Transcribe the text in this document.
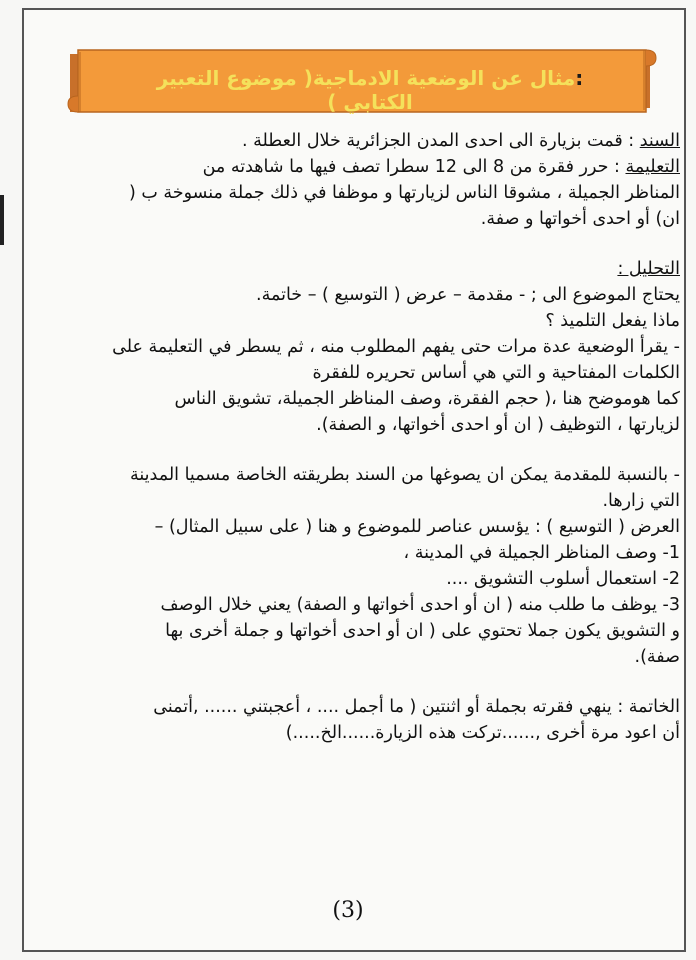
:مثال عن الوضعية الادماجية( موضوع التعبير الكتابي )

السند : قمت بزيارة الى احدى المدن الجزائرية خلال العطلة .

التعليمة : حرر فقرة من 8 الى 12 سطرا تصف فيها ما شاهدته من

المناظر الجميلة ، مشوقا الناس لزيارتها و موظفا في ذلك جملة منسوخة ب (

ان) أو احدى أخواتها و صفة.

التحليل :

يحتاج الموضوع الى ; - مقدمة – عرض ( التوسيع ) – خاتمة.

ماذا يفعل التلميذ ؟

- يقرأ الوضعية عدة مرات حتى يفهم المطلوب منه ، ثم يسطر في التعليمة على

الكلمات المفتاحية و التي هي أساس تحريره للفقرة

كما هوموضح هنا ،( حجم الفقرة، وصف المناظر الجميلة، تشويق الناس

لزيارتها ، التوظيف ( ان أو احدى أخواتها، و الصفة).

- بالنسبة للمقدمة يمكن ان يصوغها من السند بطريقته الخاصة مسميا المدينة

التي زارها.

العرض ( التوسيع ) : يؤسس عناصر للموضوع و هنا ( على سبيل المثال) –

1- وصف المناظر الجميلة في المدينة ،

2- استعمال أسلوب التشويق ....

3- يوظف ما طلب منه ( ان أو احدى أخواتها و الصفة) يعني خلال الوصف

و التشويق يكون جملا تحتوي على ( ان أو احدى أخواتها و جملة أخرى بها

صفة).

الخاتمة : ينهي فقرته بجملة أو اثنتين ( ما أجمل .... ، أعجبتني ...... ,أتمنى

أن اعود مرة أخرى ,......تركت هذه الزيارة......الخ.....)

(3)
